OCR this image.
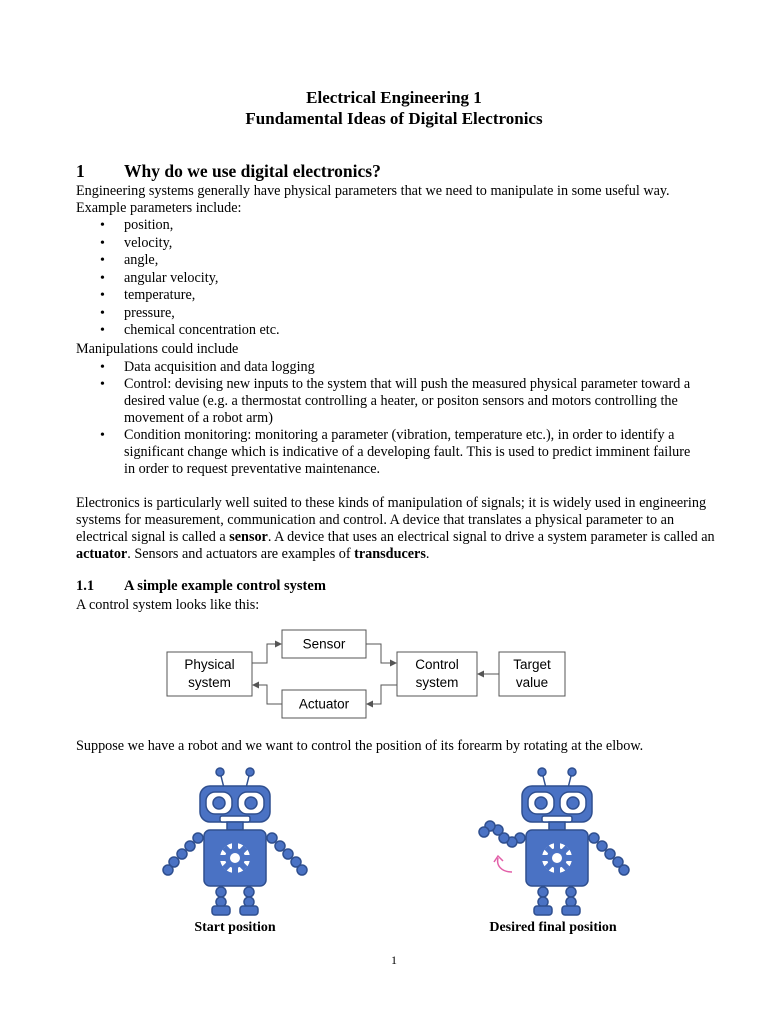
Electrical Engineering 1
Fundamental Ideas of Digital Electronics
1 Why do we use digital electronics?
Engineering systems generally have physical parameters that we need to manipulate in some useful way. Example parameters include:
• position,
• velocity,
• angle,
• angular velocity,
• temperature,
• pressure,
• chemical concentration etc.
Manipulations could include
• Data acquisition and data logging
• Control: devising new inputs to the system that will push the measured physical parameter toward a desired value (e.g. a thermostat controlling a heater, or positon sensors and motors controlling the movement of a robot arm)
• Condition monitoring: monitoring a parameter (vibration, temperature etc.), in order to identify a significant change which is indicative of a developing fault. This is used to predict imminent failure in order to request preventative maintenance.
Electronics is particularly well suited to these kinds of manipulation of signals; it is widely used in engineering systems for measurement, communication and control. A device that translates a physical parameter to an electrical signal is called a sensor. A device that uses an electrical signal to drive a system parameter is called an actuator. Sensors and actuators are examples of transducers.
1.1 A simple example control system
A control system looks like this:
Physical
system
Sensor
Actuator
Control
system
Target
value
Suppose we have a robot and we want to control the position of its forearm by rotating at the elbow.
Start position	Desired final position
1
